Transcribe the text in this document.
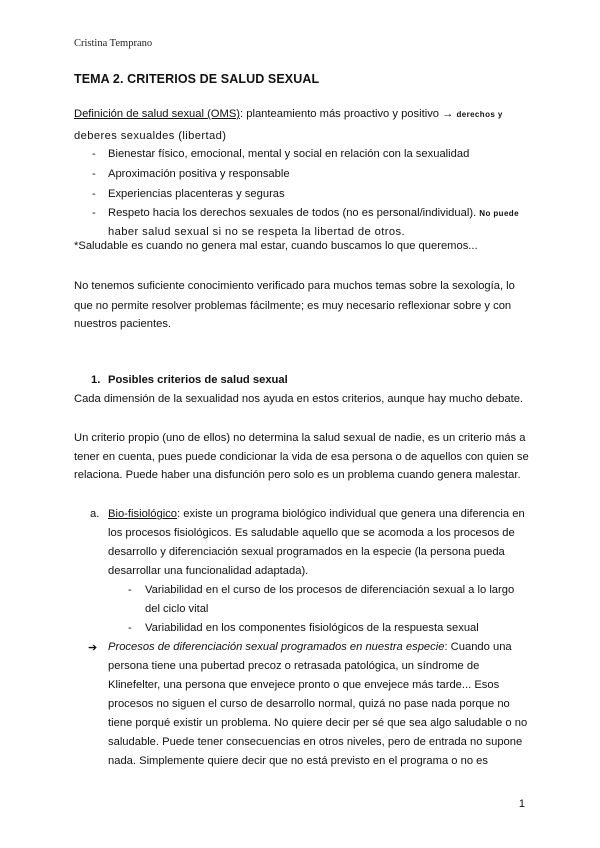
Cristina Temprano
TEMA 2. CRITERIOS DE SALUD SEXUAL
Definición de salud sexual (OMS): planteamiento más proactivo y positivo → derechos y
deberes sexualdes (libertad)
- Bienestar físico, emocional, mental y social en relación con la sexualidad
- Aproximación positiva y responsable
- Experiencias placenteras y seguras
- Respeto hacia los derechos sexuales de todos (no es personal/individual). No puede
haber salud sexual si no se respeta la libertad de otros.
*Saludable es cuando no genera mal estar, cuando buscamos lo que queremos...
No tenemos suficiente conocimiento verificado para muchos temas sobre la sexología, lo
que no permite resolver problemas fácilmente; es muy necesario reflexionar sobre y con
nuestros pacientes.
1. Posibles criterios de salud sexual
Cada dimensión de la sexualidad nos ayuda en estos criterios, aunque hay mucho debate.
Un criterio propio (uno de ellos) no determina la salud sexual de nadie, es un criterio más a
tener en cuenta, pues puede condicionar la vida de esa persona o de aquellos con quien se
relaciona. Puede haber una disfunción pero solo es un problema cuando genera malestar.
a. Bio-fisiológico: existe un programa biológico individual que genera una diferencia en
los procesos fisiológicos. Es saludable aquello que se acomoda a los procesos de
desarrollo y diferenciación sexual programados en la especie (la persona pueda
desarrollar una funcionalidad adaptada).
- Variabilidad en el curso de los procesos de diferenciación sexual a lo largo
del ciclo vital
- Variabilidad en los componentes fisiológicos de la respuesta sexual
➔ Procesos de diferenciación sexual programados en nuestra especie: Cuando una
persona tiene una pubertad precoz o retrasada patológica, un síndrome de
Klinefelter, una persona que envejece pronto o que envejece más tarde... Esos
procesos no siguen el curso de desarrollo normal, quizá no pase nada porque no
tiene porqué existir un problema. No quiere decir per sé que sea algo saludable o no
saludable. Puede tener consecuencias en otros niveles, pero de entrada no supone
nada. Simplemente quiere decir que no está previsto en el programa o no es
1
